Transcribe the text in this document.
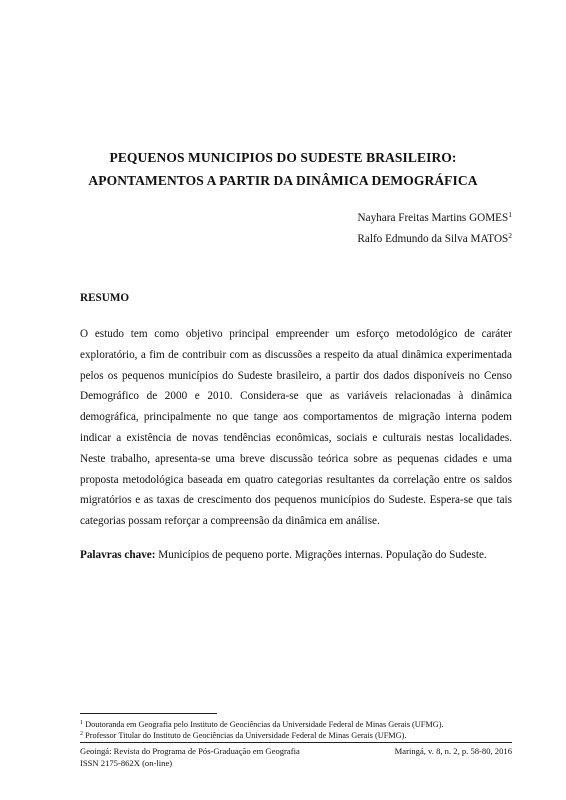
PEQUENOS MUNICIPIOS DO SUDESTE BRASILEIRO:
APONTAMENTOS A PARTIR DA DINÂMICA DEMOGRÁFICA
Nayhara Freitas Martins GOMES$^1$
Ralfo Edmundo da Silva MATOS$^2$
RESUMO
O estudo tem como objetivo principal empreender um esforço metodológico de caráter
exploratório, a fim de contribuir com as discussões a respeito da atual dinâmica experimentada
pelos os pequenos municípios do Sudeste brasileiro, a partir dos dados disponíveis no Censo
Demográfico de 2000 e 2010. Considera-se que as variáveis relacionadas à dinâmica
demográfica, principalmente no que tange aos comportamentos de migração interna podem
indicar a existência de novas tendências econômicas, sociais e culturais nestas localidades.
Neste trabalho, apresenta-se uma breve discussão teórica sobre as pequenas cidades e uma
proposta metodológica baseada em quatro categorias resultantes da correlação entre os saldos
migratórios e as taxas de crescimento dos pequenos municípios do Sudeste. Espera-se que tais
categorias possam reforçar a compreensão da dinâmica em análise.
Palavras chave: Municípios de pequeno porte. Migrações internas. População do Sudeste.
$^1$ Doutoranda em Geografia pelo Instituto de Geociências da Universidade Federal de Minas Gerais (UFMG).
$^2$ Professor Titular do Instituto de Geociências da Universidade Federal de Minas Gerais (UFMG).
Geoingá: Revista do Programa de Pós-Graduação em Geografia	Maringá, v. 8, n. 2, p. 58-80, 2016
ISSN 2175-862X (on-line)
